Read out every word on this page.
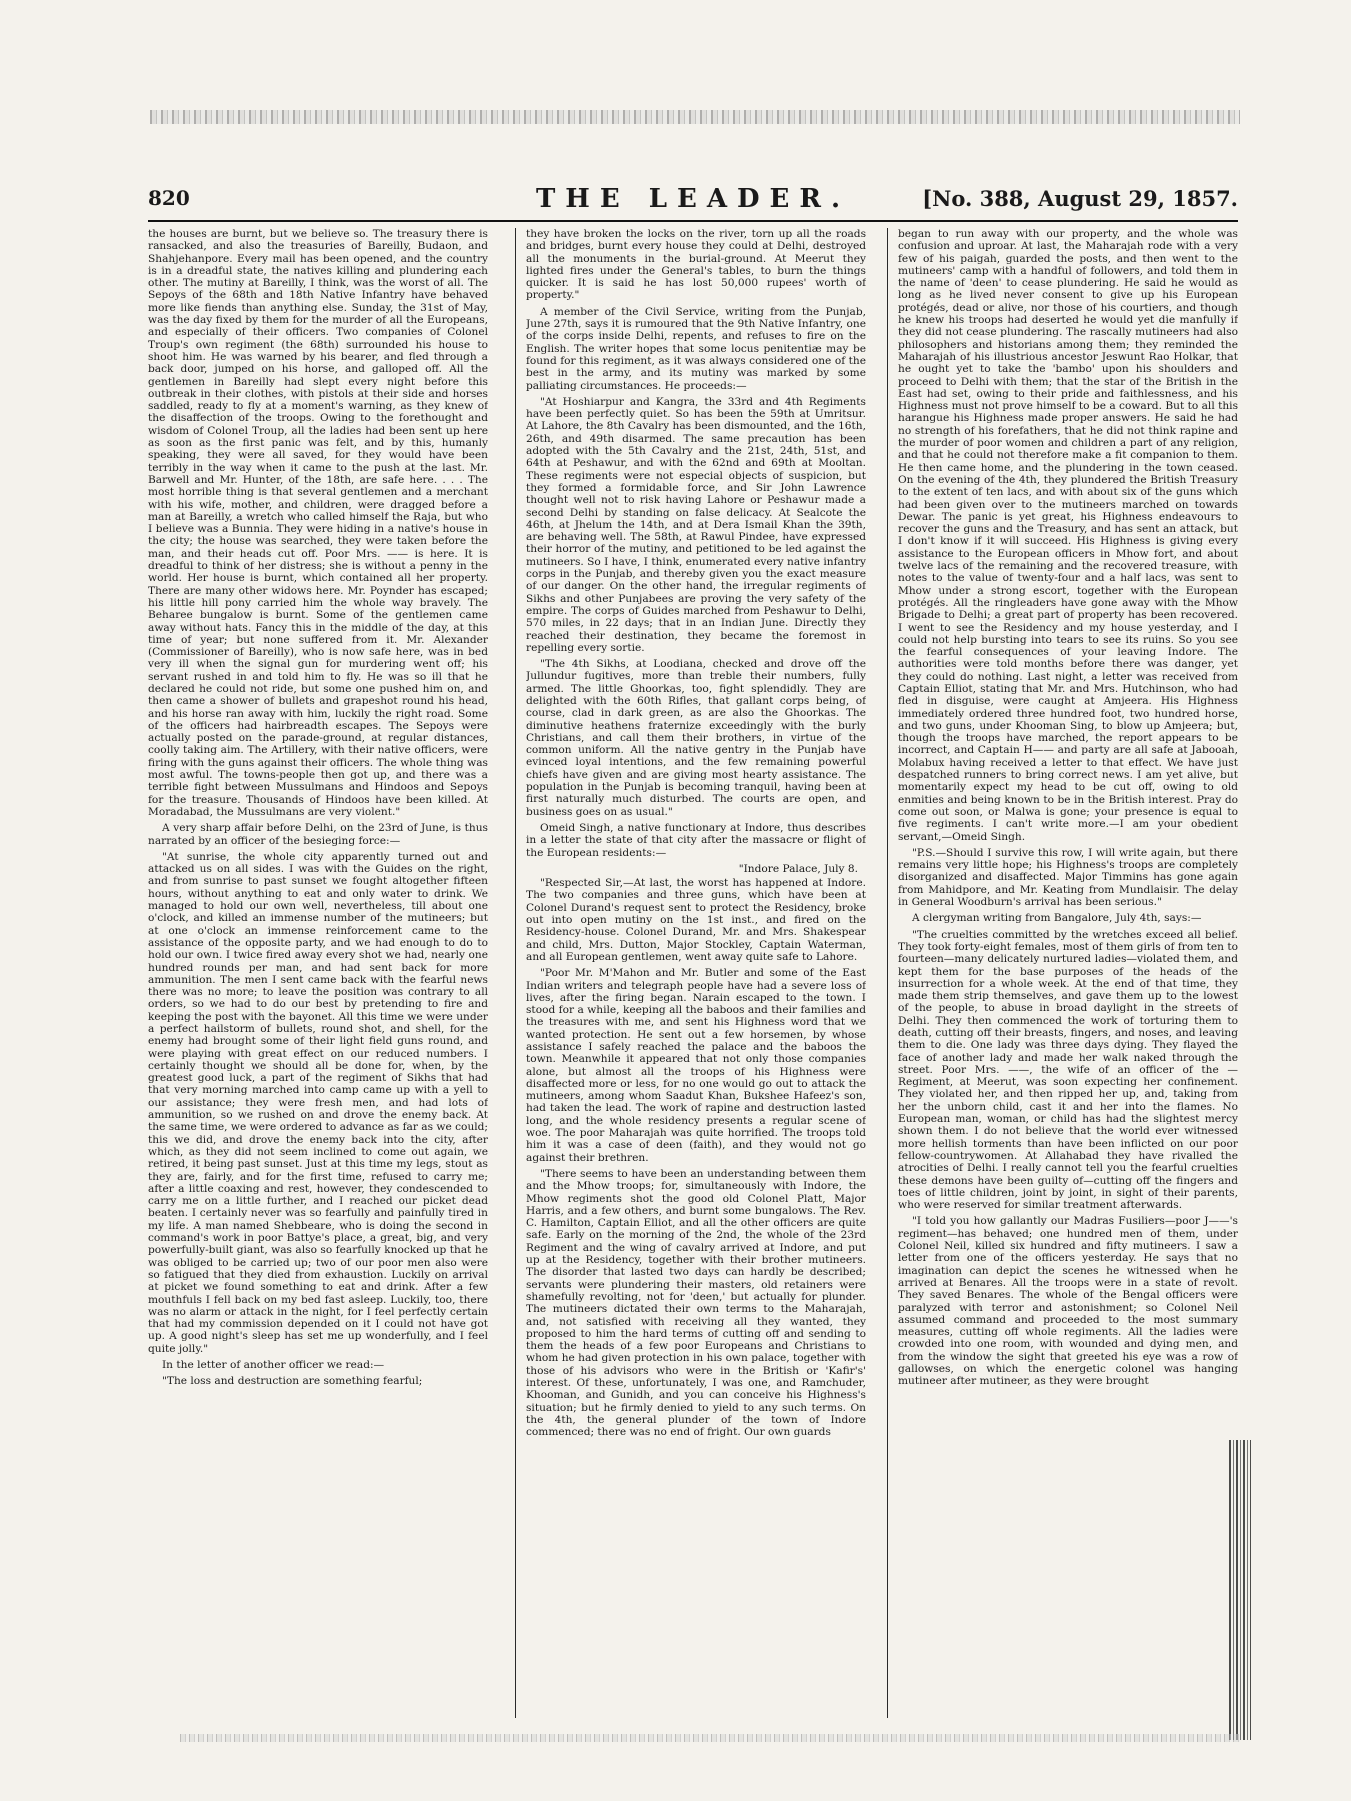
820	THE LEADER.	[No. 388, August 29, 1857.

the houses are burnt, but we believe so. The treasury there is ransacked, and also the treasuries of Bareilly, Budaon, and Shahjehanpore. Every mail has been opened, and the country is in a dreadful state, the natives killing and plundering each other. The mutiny at Bareilly, I think, was the worst of all. The Sepoys of the 68th and 18th Native Infantry have behaved more like fiends than anything else. Sunday, the 31st of May, was the day fixed by them for the murder of all the Europeans, and especially of their officers. Two companies of Colonel Troup's own regiment (the 68th) surrounded his house to shoot him. He was warned by his bearer, and fled through a back door, jumped on his horse, and galloped off. All the gentlemen in Bareilly had slept every night before this outbreak in their clothes, with pistols at their side and horses saddled, ready to fly at a moment's warning, as they knew of the disaffection of the troops. Owing to the forethought and wisdom of Colonel Troup, all the ladies had been sent up here as soon as the first panic was felt, and by this, humanly speaking, they were all saved, for they would have been terribly in the way when it came to the push at the last. Mr. Barwell and Mr. Hunter, of the 18th, are safe here. . . . The most horrible thing is that several gentlemen and a merchant with his wife, mother, and children, were dragged before a man at Bareilly, a wretch who called himself the Raja, but who I believe was a Bunnia. They were hiding in a native's house in the city; the house was searched, they were taken before the man, and their heads cut off. Poor Mrs. —— is here. It is dreadful to think of her distress; she is without a penny in the world. Her house is burnt, which contained all her property. There are many other widows here. Mr. Poynder has escaped; his little hill pony carried him the whole way bravely. The Beharee bungalow is burnt. Some of the gentlemen came away without hats. Fancy this in the middle of the day, at this time of year; but none suffered from it. Mr. Alexander (Commissioner of Bareilly), who is now safe here, was in bed very ill when the signal gun for murdering went off; his servant rushed in and told him to fly. He was so ill that he declared he could not ride, but some one pushed him on, and then came a shower of bullets and grapeshot round his head, and his horse ran away with him, luckily the right road. Some of the officers had hairbreadth escapes. The Sepoys were actually posted on the parade-ground, at regular distances, coolly taking aim. The Artillery, with their native officers, were firing with the guns against their officers. The whole thing was most awful. The towns-people then got up, and there was a terrible fight between Mussulmans and Hindoos and Sepoys for the treasure. Thousands of Hindoos have been killed. At Moradabad, the Mussulmans are very violent."

A very sharp affair before Delhi, on the 23rd of June, is thus narrated by an officer of the besieging force:—

"At sunrise, the whole city apparently turned out and attacked us on all sides. I was with the Guides on the right, and from sunrise to past sunset we fought altogether fifteen hours, without anything to eat and only water to drink. We managed to hold our own well, nevertheless, till about one o'clock, and killed an immense number of the mutineers; but at one o'clock an immense reinforcement came to the assistance of the opposite party, and we had enough to do to hold our own. I twice fired away every shot we had, nearly one hundred rounds per man, and had sent back for more ammunition. The men I sent came back with the fearful news there was no more; to leave the position was contrary to all orders, so we had to do our best by pretending to fire and keeping the post with the bayonet. All this time we were under a perfect hailstorm of bullets, round shot, and shell, for the enemy had brought some of their light field guns round, and were playing with great effect on our reduced numbers. I certainly thought we should all be done for, when, by the greatest good luck, a part of the regiment of Sikhs that had that very morning marched into camp came up with a yell to our assistance; they were fresh men, and had lots of ammunition, so we rushed on and drove the enemy back. At the same time, we were ordered to advance as far as we could; this we did, and drove the enemy back into the city, after which, as they did not seem inclined to come out again, we retired, it being past sunset. Just at this time my legs, stout as they are, fairly, and for the first time, refused to carry me; after a little coaxing and rest, however, they condescended to carry me on a little further, and I reached our picket dead beaten. I certainly never was so fearfully and painfully tired in my life. A man named Shebbeare, who is doing the second in command's work in poor Battye's place, a great, big, and very powerfully-built giant, was also so fearfully knocked up that he was obliged to be carried up; two of our poor men also were so fatigued that they died from exhaustion. Luckily on arrival at picket we found something to eat and drink. After a few mouthfuls I fell back on my bed fast asleep. Luckily, too, there was no alarm or attack in the night, for I feel perfectly certain that had my commission depended on it I could not have got up. A good night's sleep has set me up wonderfully, and I feel quite jolly."

In the letter of another officer we read:—

"The loss and destruction are something fearful;

they have broken the locks on the river, torn up all the roads and bridges, burnt every house they could at Delhi, destroyed all the monuments in the burial-ground. At Meerut they lighted fires under the General's tables, to burn the things quicker. It is said he has lost 50,000 rupees' worth of property."

A member of the Civil Service, writing from the Punjab, June 27th, says it is rumoured that the 9th Native Infantry, one of the corps inside Delhi, repents, and refuses to fire on the English. The writer hopes that some locus penitentiæ may be found for this regiment, as it was always considered one of the best in the army, and its mutiny was marked by some palliating circumstances. He proceeds:—

"At Hoshiarpur and Kangra, the 33rd and 4th Regiments have been perfectly quiet. So has been the 59th at Umritsur. At Lahore, the 8th Cavalry has been dismounted, and the 16th, 26th, and 49th disarmed. The same precaution has been adopted with the 5th Cavalry and the 21st, 24th, 51st, and 64th at Peshawur, and with the 62nd and 69th at Mooltan. These regiments were not especial objects of suspicion, but they formed a formidable force, and Sir John Lawrence thought well not to risk having Lahore or Peshawur made a second Delhi by standing on false delicacy. At Sealcote the 46th, at Jhelum the 14th, and at Dera Ismail Khan the 39th, are behaving well. The 58th, at Rawul Pindee, have expressed their horror of the mutiny, and petitioned to be led against the mutineers. So I have, I think, enumerated every native infantry corps in the Punjab, and thereby given you the exact measure of our danger. On the other hand, the irregular regiments of Sikhs and other Punjabees are proving the very safety of the empire. The corps of Guides marched from Peshawur to Delhi, 570 miles, in 22 days; that in an Indian June. Directly they reached their destination, they became the foremost in repelling every sortie.

"The 4th Sikhs, at Loodiana, checked and drove off the Jullundur fugitives, more than treble their numbers, fully armed. The little Ghoorkas, too, fight splendidly. They are delighted with the 60th Rifles, that gallant corps being, of course, clad in dark green, as are also the Ghoorkas. The diminutive heathens fraternize exceedingly with the burly Christians, and call them their brothers, in virtue of the common uniform. All the native gentry in the Punjab have evinced loyal intentions, and the few remaining powerful chiefs have given and are giving most hearty assistance. The population in the Punjab is becoming tranquil, having been at first naturally much disturbed. The courts are open, and business goes on as usual."

Omeid Singh, a native functionary at Indore, thus describes in a letter the state of that city after the massacre or flight of the European residents:—

"Indore Palace, July 8.

"Respected Sir,—At last, the worst has happened at Indore. The two companies and three guns, which have been at Colonel Durand's request sent to protect the Residency, broke out into open mutiny on the 1st inst., and fired on the Residency-house. Colonel Durand, Mr. and Mrs. Shakespear and child, Mrs. Dutton, Major Stockley, Captain Waterman, and all European gentlemen, went away quite safe to Lahore.

"Poor Mr. M'Mahon and Mr. Butler and some of the East Indian writers and telegraph people have had a severe loss of lives, after the firing began. Narain escaped to the town. I stood for a while, keeping all the baboos and their families and the treasures with me, and sent his Highness word that we wanted protection. He sent out a few horsemen, by whose assistance I safely reached the palace and the baboos the town. Meanwhile it appeared that not only those companies alone, but almost all the troops of his Highness were disaffected more or less, for no one would go out to attack the mutineers, among whom Saadut Khan, Bukshee Hafeez's son, had taken the lead. The work of rapine and destruction lasted long, and the whole residency presents a regular scene of woe. The poor Maharajah was quite horrified. The troops told him it was a case of deen (faith), and they would not go against their brethren.

"There seems to have been an understanding between them and the Mhow troops; for, simultaneously with Indore, the Mhow regiments shot the good old Colonel Platt, Major Harris, and a few others, and burnt some bungalows. The Rev. C. Hamilton, Captain Elliot, and all the other officers are quite safe. Early on the morning of the 2nd, the whole of the 23rd Regiment and the wing of cavalry arrived at Indore, and put up at the Residency, together with their brother mutineers. The disorder that lasted two days can hardly be described; servants were plundering their masters, old retainers were shamefully revolting, not for 'deen,' but actually for plunder. The mutineers dictated their own terms to the Maharajah, and, not satisfied with receiving all they wanted, they proposed to him the hard terms of cutting off and sending to them the heads of a few poor Europeans and Christians to whom he had given protection in his own palace, together with those of his advisors who were in the British or 'Kafir's' interest. Of these, unfortunately, I was one, and Ramchuder, Khooman, and Gunidh, and you can conceive his Highness's situation; but he firmly denied to yield to any such terms. On the 4th, the general plunder of the town of Indore commenced; there was no end of fright. Our own guards

began to run away with our property, and the whole was confusion and uproar. At last, the Maharajah rode with a very few of his paigah, guarded the posts, and then went to the mutineers' camp with a handful of followers, and told them in the name of 'deen' to cease plundering. He said he would as long as he lived never consent to give up his European protégés, dead or alive, nor those of his courtiers, and though he knew his troops had deserted he would yet die manfully if they did not cease plundering. The rascally mutineers had also philosophers and historians among them; they reminded the Maharajah of his illustrious ancestor Jeswunt Rao Holkar, that he ought yet to take the 'bambo' upon his shoulders and proceed to Delhi with them; that the star of the British in the East had set, owing to their pride and faithlessness, and his Highness must not prove himself to be a coward. But to all this harangue his Highness made proper answers. He said he had no strength of his forefathers, that he did not think rapine and the murder of poor women and children a part of any religion, and that he could not therefore make a fit companion to them. He then came home, and the plundering in the town ceased. On the evening of the 4th, they plundered the British Treasury to the extent of ten lacs, and with about six of the guns which had been given over to the mutineers marched on towards Dewar. The panic is yet great, his Highness endeavours to recover the guns and the Treasury, and has sent an attack, but I don't know if it will succeed. His Highness is giving every assistance to the European officers in Mhow fort, and about twelve lacs of the remaining and the recovered treasure, with notes to the value of twenty-four and a half lacs, was sent to Mhow under a strong escort, together with the European protégés. All the ringleaders have gone away with the Mhow Brigade to Delhi; a great part of property has been recovered. I went to see the Residency and my house yesterday, and I could not help bursting into tears to see its ruins. So you see the fearful consequences of your leaving Indore. The authorities were told months before there was danger, yet they could do nothing. Last night, a letter was received from Captain Elliot, stating that Mr. and Mrs. Hutchinson, who had fled in disguise, were caught at Amjeera. His Highness immediately ordered three hundred foot, two hundred horse, and two guns, under Khooman Sing, to blow up Amjeera; but, though the troops have marched, the report appears to be incorrect, and Captain H—— and party are all safe at Jabooah, Molabux having received a letter to that effect. We have just despatched runners to bring correct news. I am yet alive, but momentarily expect my head to be cut off, owing to old enmities and being known to be in the British interest. Pray do come out soon, or Malwa is gone; your presence is equal to five regiments. I can't write more.—I am your obedient servant,—Omeid Singh.

"P.S.—Should I survive this row, I will write again, but there remains very little hope; his Highness's troops are completely disorganized and disaffected. Major Timmins has gone again from Mahidpore, and Mr. Keating from Mundlaisir. The delay in General Woodburn's arrival has been serious."

A clergyman writing from Bangalore, July 4th, says:—

"The cruelties committed by the wretches exceed all belief. They took forty-eight females, most of them girls of from ten to fourteen—many delicately nurtured ladies—violated them, and kept them for the base purposes of the heads of the insurrection for a whole week. At the end of that time, they made them strip themselves, and gave them up to the lowest of the people, to abuse in broad daylight in the streets of Delhi. They then commenced the work of torturing them to death, cutting off their breasts, fingers, and noses, and leaving them to die. One lady was three days dying. They flayed the face of another lady and made her walk naked through the street. Poor Mrs. ——, the wife of an officer of the — Regiment, at Meerut, was soon expecting her confinement. They violated her, and then ripped her up, and, taking from her the unborn child, cast it and her into the flames. No European man, woman, or child has had the slightest mercy shown them. I do not believe that the world ever witnessed more hellish torments than have been inflicted on our poor fellow-countrywomen. At Allahabad they have rivalled the atrocities of Delhi. I really cannot tell you the fearful cruelties these demons have been guilty of—cutting off the fingers and toes of little children, joint by joint, in sight of their parents, who were reserved for similar treatment afterwards.

"I told you how gallantly our Madras Fusiliers—poor J——'s regiment—has behaved; one hundred men of them, under Colonel Neil, killed six hundred and fifty mutineers. I saw a letter from one of the officers yesterday. He says that no imagination can depict the scenes he witnessed when he arrived at Benares. All the troops were in a state of revolt. They saved Benares. The whole of the Bengal officers were paralyzed with terror and astonishment; so Colonel Neil assumed command and proceeded to the most summary measures, cutting off whole regiments. All the ladies were crowded into one room, with wounded and dying men, and from the window the sight that greeted his eye was a row of gallowses, on which the energetic colonel was hanging mutineer after mutineer, as they were brought
